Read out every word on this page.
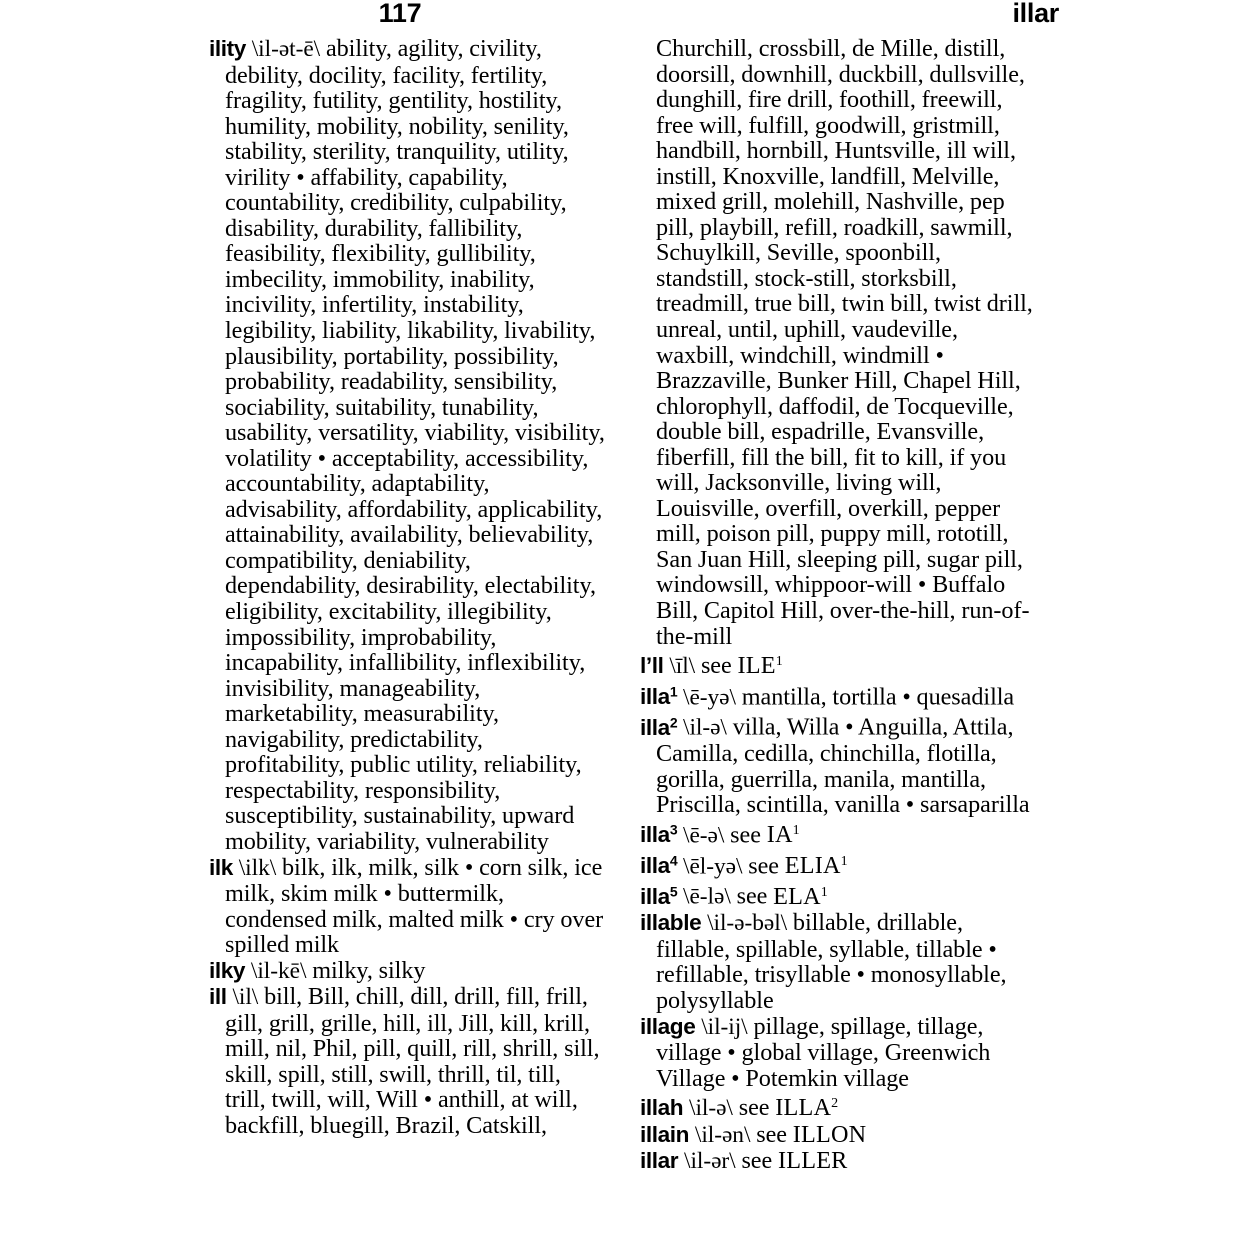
117	illar

ility \il-ət-ē\ ability, agility, civility, debility, docility, facility, fertility, fragility, futility, gentility, hostility, humility, mobility, nobility, senility, stability, sterility, tranquility, utility, virility • affability, capability, countability, credibility, culpability, disability, durability, fallibility, feasibility, flexibility, gullibility, imbecility, immobility, inability, incivility, infertility, instability, legibility, liability, likability, livability, plausibility, portability, possibility, probability, readability, sensibility, sociability, suitability, tunability, usability, versatility, viability, visibility, volatility • acceptability, accessibility, accountability, adaptability, advisability, affordability, applicability, attainability, availability, believability, compatibility, deniability, dependability, desirability, electability, eligibility, excitability, illegibility, impossibility, improbability, incapability, infallibility, inflexibility, invisibility, manageability, marketability, measurability, navigability, predictability, profitability, public utility, reliability, respectability, responsibility, susceptibility, sustainability, upward mobility, variability, vulnerability

ilk \ilk\ bilk, ilk, milk, silk • corn silk, ice milk, skim milk • buttermilk, condensed milk, malted milk • cry over spilled milk

ilky \il-kē\ milky, silky

ill \il\ bill, Bill, chill, dill, drill, fill, frill, gill, grill, grille, hill, ill, Jill, kill, krill, mill, nil, Phil, pill, quill, rill, shrill, sill, skill, spill, still, swill, thrill, til, till, trill, twill, will, Will • anthill, at will, backfill, bluegill, Brazil, Catskill,

Churchill, crossbill, de Mille, distill, doorsill, downhill, duckbill, dullsville, dunghill, fire drill, foothill, freewill, free will, fulfill, goodwill, gristmill, handbill, hornbill, Huntsville, ill will, instill, Knoxville, landfill, Melville, mixed grill, molehill, Nashville, pep pill, playbill, refill, roadkill, sawmill, Schuylkill, Seville, spoonbill, standstill, stock-still, storksbill, treadmill, true bill, twin bill, twist drill, unreal, until, uphill, vaudeville, waxbill, windchill, windmill • Brazzaville, Bunker Hill, Chapel Hill, chlorophyll, daffodil, de Tocqueville, double bill, espadrille, Evansville, fiberfill, fill the bill, fit to kill, if you will, Jacksonville, living will, Louisville, overfill, overkill, pepper mill, poison pill, puppy mill, rototill, San Juan Hill, sleeping pill, sugar pill, windowsill, whippoor-will • Buffalo Bill, Capitol Hill, over-the-hill, run-of-the-mill

l’ll \īl\ see ILE$^1$

illa$^1$ \ē-yə\ mantilla, tortilla • quesadilla

illa$^2$ \il-ə\ villa, Willa • Anguilla, Attila, Camilla, cedilla, chinchilla, flotilla, gorilla, guerrilla, manila, mantilla, Priscilla, scintilla, vanilla • sarsaparilla

illa$^3$ \ē-ə\ see $IA^1$

illa$^4$ \ēl-yə\ see ELIA$^1$

illa$^5$ \ē-lə\ see ELA$^1$

illable \il-ə-bəl\ billable, drillable, fillable, spillable, syllable, tillable • refillable, trisyllable • monosyllable, polysyllable

illage \il-ij\ pillage, spillage, tillage, village • global village, Greenwich Village • Potemkin village

illah \il-ə\ see ILLA$^2$

illain \il-ən\ see ILLON

illar \il-ər\ see ILLER
